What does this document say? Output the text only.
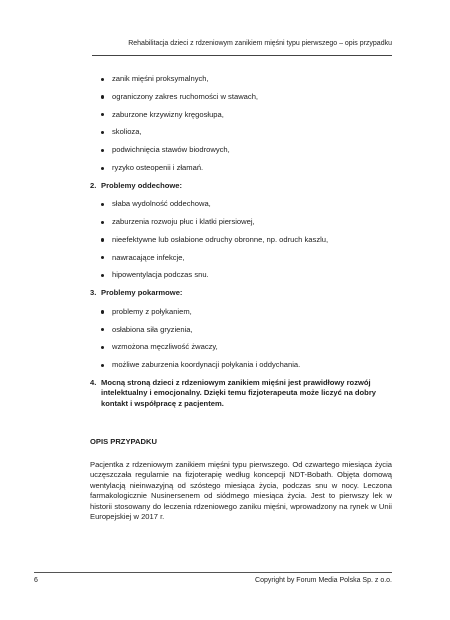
Rehabilitacja dzieci z rdzeniowym zanikiem mięśni typu pierwszego – opis przypadku
zanik mięśni proksymalnych,
ograniczony zakres ruchomości w stawach,
zaburzone krzywizny kręgosłupa,
skolioza,
podwichnięcia stawów biodrowych,
ryzyko osteopenii i złamań.
2. Problemy oddechowe:
słaba wydolność oddechowa,
zaburzenia rozwoju płuc i klatki piersiowej,
nieefektywne lub osłabione odruchy obronne, np. odruch kaszlu,
nawracające infekcje,
hipowentylacja podczas snu.
3. Problemy pokarmowe:
problemy z połykaniem,
osłabiona siła gryzienia,
wzmożona męczliwość żwaczy,
możliwe zaburzenia koordynacji połykania i oddychania.
4. Mocną stroną dzieci z rdzeniowym zanikiem mięśni jest prawidłowy rozwój intelektualny i emocjonalny. Dzięki temu fizjoterapeuta może liczyć na dobry kontakt i współpracę z pacjentem.
OPIS PRZYPADKU
Pacjentka z rdzeniowym zanikiem mięśni typu pierwszego. Od czwartego miesiąca życia uczęszczała regularnie na fizjoterapię według koncepcji NDT-Bobath. Objęta domową wentylacją nieinwazyjną od szóstego miesiąca życia, podczas snu w nocy. Leczona farmakologicznie Nusinersenem od siódmego miesiąca życia. Jest to pierwszy lek w historii stosowany do leczenia rdzeniowego zaniku mięśni, wprowadzony na rynek w Unii Europejskiej w 2017 r.
6	Copyright by Forum Media Polska Sp. z o.o.
